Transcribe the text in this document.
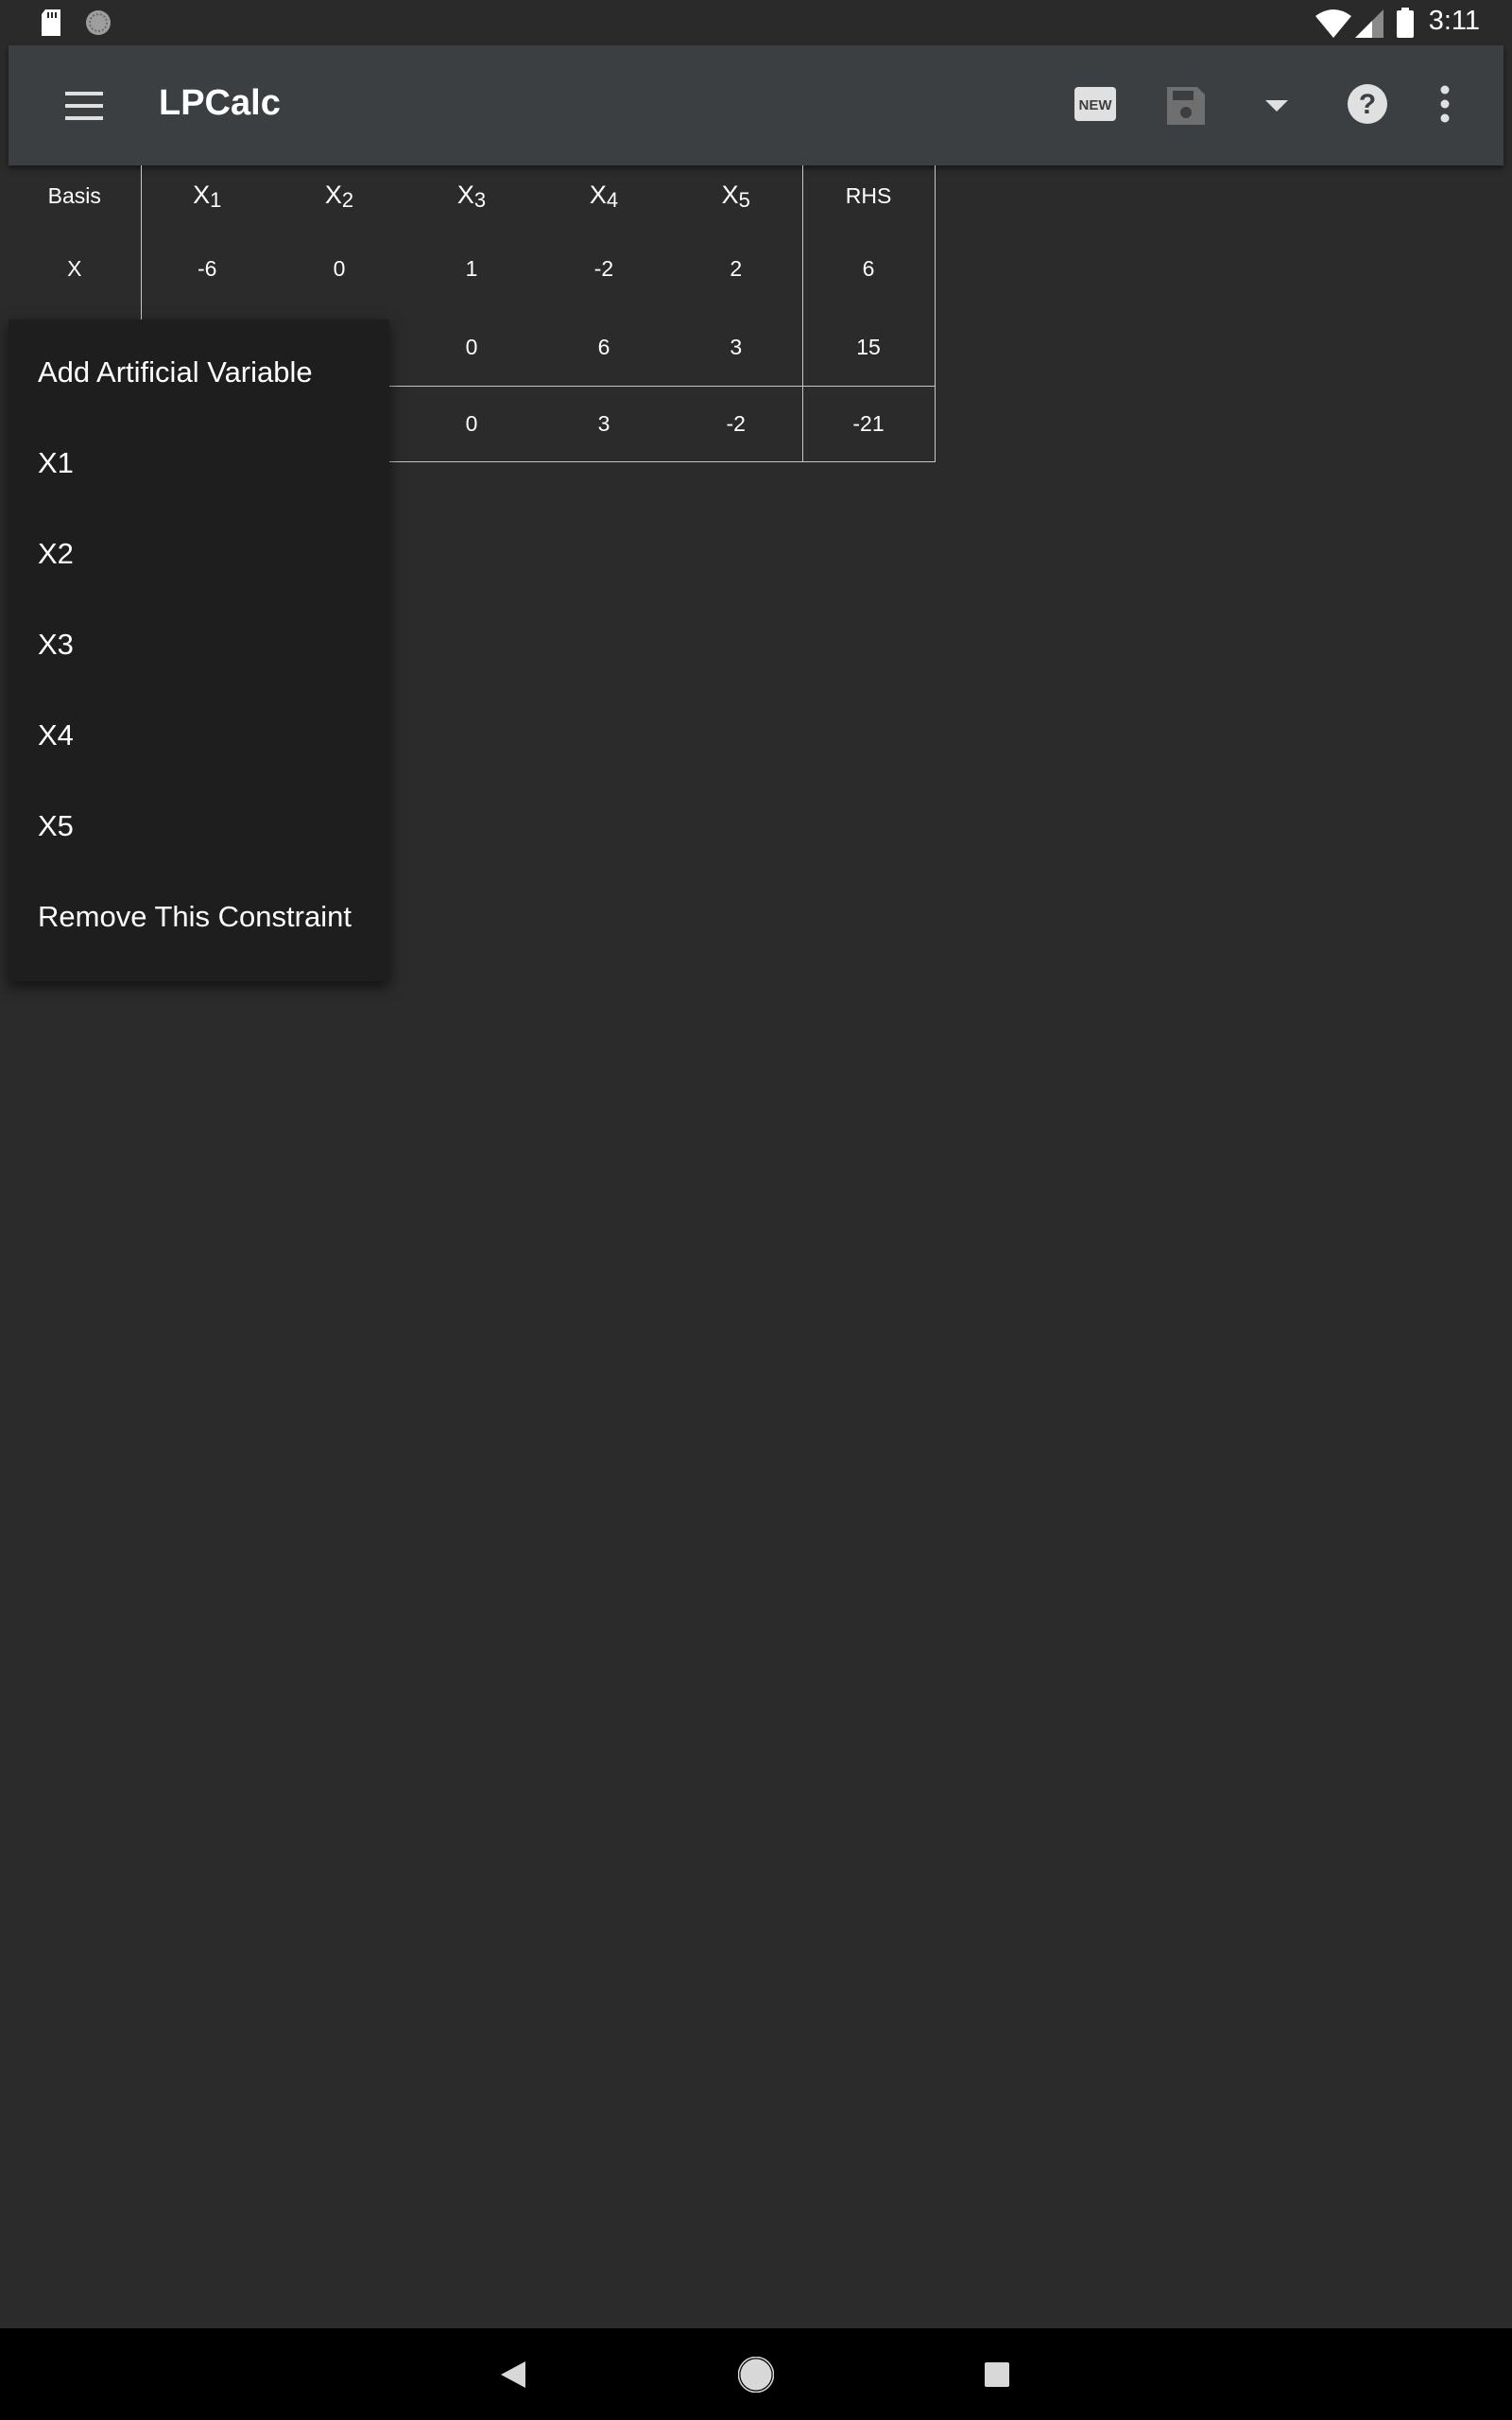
3:11
LPCalc	NEW	?
Basis	$X_1$	$X_2$	$X_3$	$X_4$	$X_5$	RHS
X	-6	0	1	-2	2	6
			0	6	3	15
			0	3	-2	-21
Add Artificial Variable
X1
X2
X3
X4
X5
Remove This Constraint
